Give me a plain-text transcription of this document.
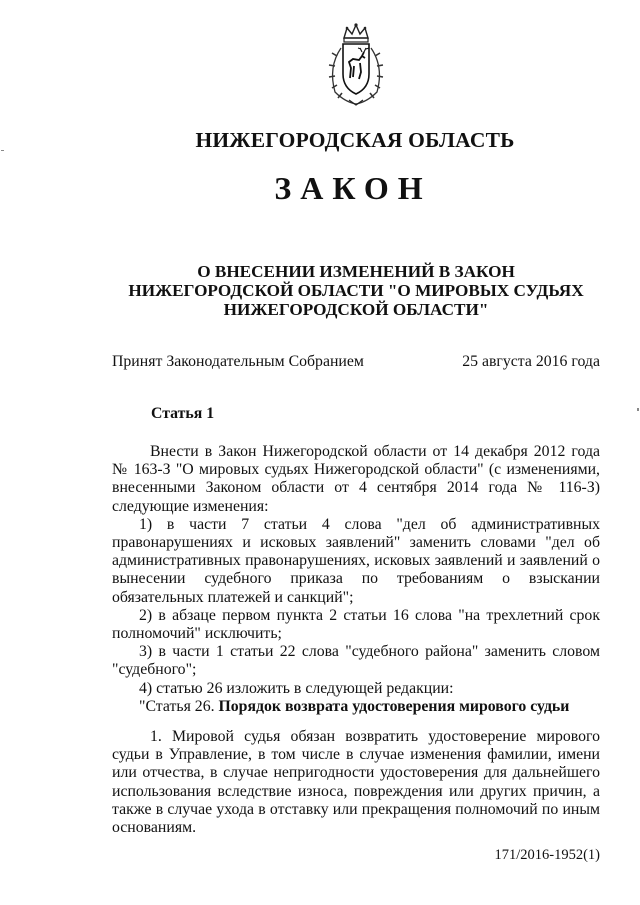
НИЖЕГОРОДСКАЯ ОБЛАСТЬ
ЗАКОН
О ВНЕСЕНИИ ИЗМЕНЕНИЙ В ЗАКОН
НИЖЕГОРОДСКОЙ ОБЛАСТИ "О МИРОВЫХ СУДЬЯХ
НИЖЕГОРОДСКОЙ ОБЛАСТИ"
Принят Законодательным Собранием	25 августа 2016 года
Статья 1

Внести в Закон Нижегородской области от 14 декабря 2012 года № 163-З "О мировых судьях Нижегородской области" (с изменениями, внесенными Законом области от 4 сентября 2014 года № 116-З) следующие изменения:

1) в части 7 статьи 4 слова "дел об административных правонарушениях и исковых заявлений" заменить словами "дел об административных правонарушениях, исковых заявлений и заявлений о вынесении судебного приказа по требованиям о взыскании обязательных платежей и санкций";

2) в абзаце первом пункта 2 статьи 16 слова "на трехлетний срок полномочий" исключить;

3) в части 1 статьи 22 слова "судебного района" заменить словом "судебного";

4) статью 26 изложить в следующей редакции:

"Статья 26. Порядок возврата удостоверения мирового судьи

1. Мировой судья обязан возвратить удостоверение мирового судьи в Управление, в том числе в случае изменения фамилии, имени или отчества, в случае непригодности удостоверения для дальнейшего использования вследствие износа, повреждения или других причин, а также в случае ухода в отставку или прекращения полномочий по иным основаниям.

171/2016-1952(1)
